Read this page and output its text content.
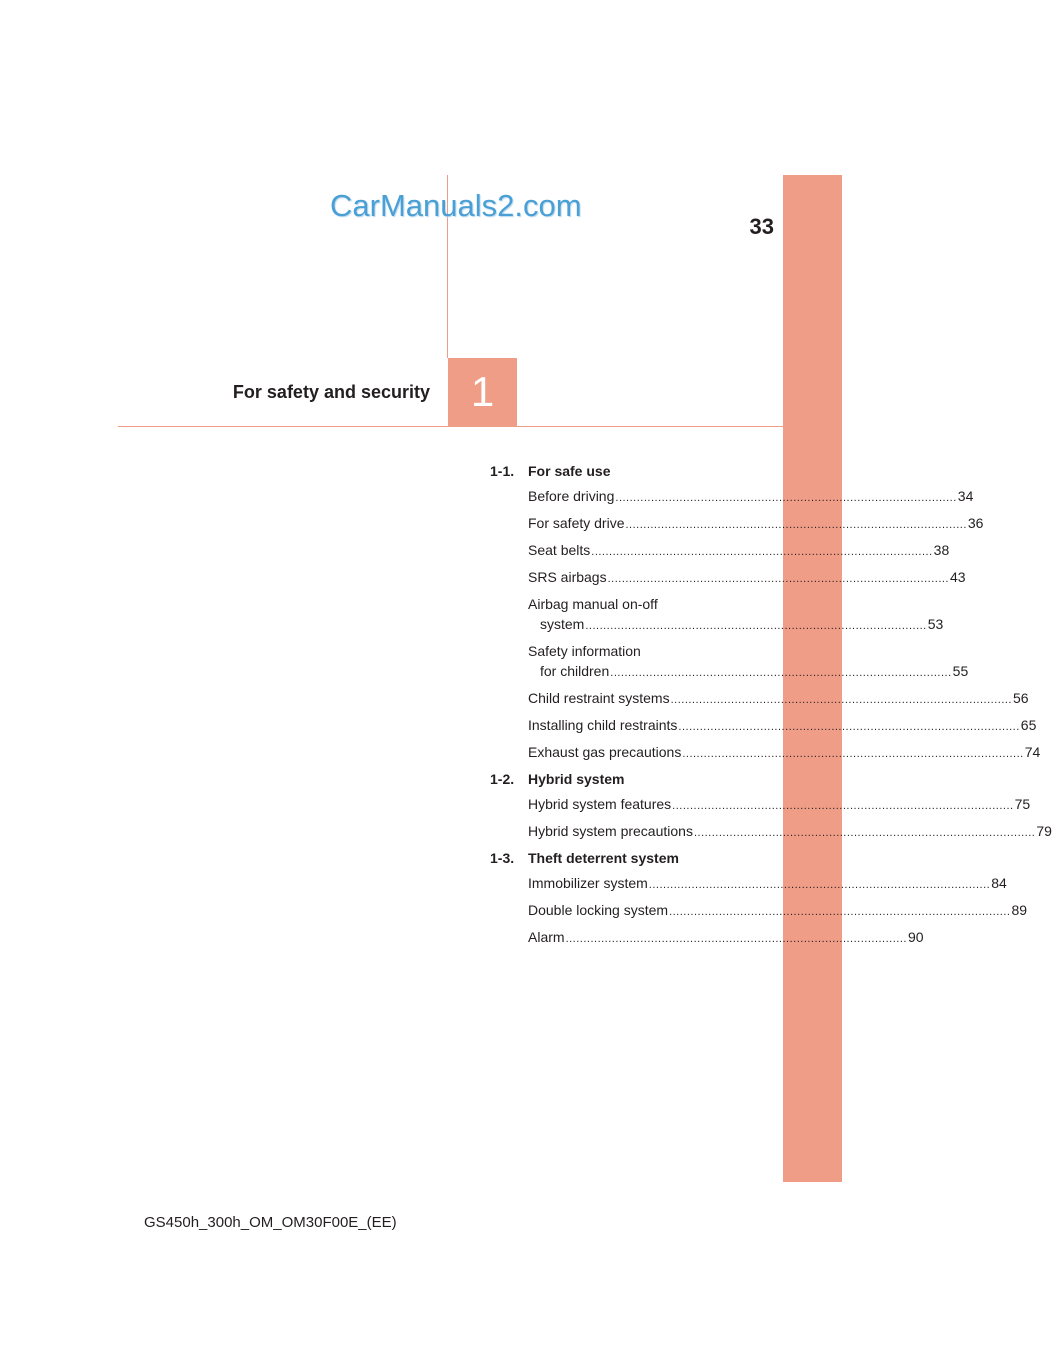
CarManuals2.com
33
For safety and security 1
1-1. For safe use
Before driving ................................................................................................ 34
For safety drive ................................................................................................ 36
Seat belts ................................................................................................ 38
SRS airbags ................................................................................................ 43
Airbag manual on-off
system ................................................................................................ 53
Safety information
for children ................................................................................................ 55
Child restraint systems ................................................................................................ 56
Installing child restraints ................................................................................................ 65
Exhaust gas precautions ................................................................................................ 74
1-2. Hybrid system
Hybrid system features ................................................................................................ 75
Hybrid system precautions ................................................................................................ 79
1-3. Theft deterrent system
Immobilizer system ................................................................................................ 84
Double locking system ................................................................................................ 89
Alarm ................................................................................................ 90
GS450h_300h_OM_OM30F00E_(EE)
